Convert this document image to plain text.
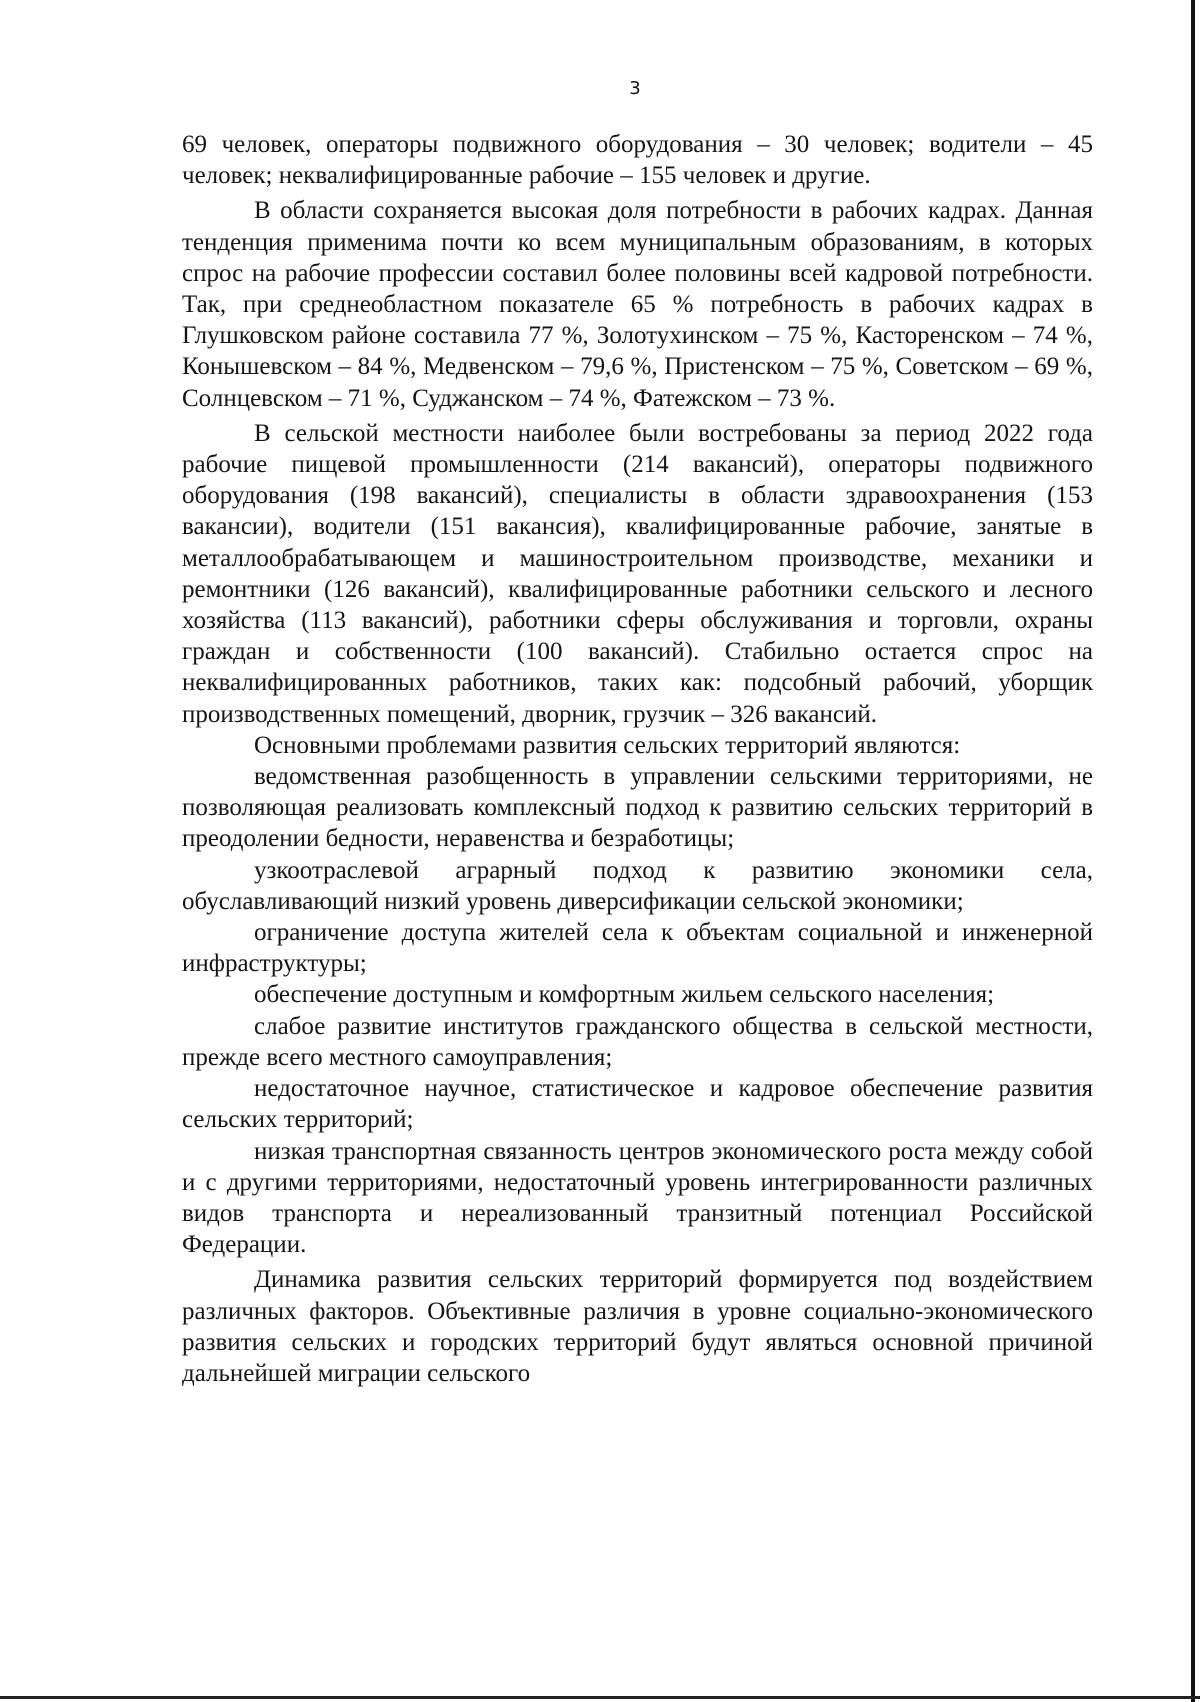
3

69 человек, операторы подвижного оборудования – 30 человек; водители – 45 человек; неквалифицированные рабочие – 155 человек и другие.

В области сохраняется высокая доля потребности в рабочих кадрах. Данная тенденция применима почти ко всем муниципальным образованиям, в которых спрос на рабочие профессии составил более половины всей кадровой потребности. Так, при среднеобластном показателе 65 % потребность в рабочих кадрах в Глушковском районе составила 77 %, Золотухинском – 75 %, Касторенском – 74 %, Конышевском – 84 %, Медвенском – 79,6 %, Пристенском – 75 %, Советском – 69 %, Солнцевском – 71 %, Суджанском – 74 %, Фатежском – 73 %.

В сельской местности наиболее были востребованы за период 2022 года рабочие пищевой промышленности (214 вакансий), операторы подвижного оборудования (198 вакансий), специалисты в области здравоохранения (153 вакансии), водители (151 вакансия), квалифицированные рабочие, занятые в металлообрабатывающем и машиностроительном производстве, механики и ремонтники (126 вакансий), квалифицированные работники сельского и лесного хозяйства (113 вакансий), работники сферы обслуживания и торговли, охраны граждан и собственности (100 вакансий). Стабильно остается спрос на неквалифицированных работников, таких как: подсобный рабочий, уборщик производственных помещений, дворник, грузчик – 326 вакансий.

Основными проблемами развития сельских территорий являются:

ведомственная разобщенность в управлении сельскими территориями, не позволяющая реализовать комплексный подход к развитию сельских территорий в преодолении бедности, неравенства и безработицы;

узкоотраслевой аграрный подход к развитию экономики села, обуславливающий низкий уровень диверсификации сельской экономики;

ограничение доступа жителей села к объектам социальной и инженерной инфраструктуры;

обеспечение доступным и комфортным жильем сельского населения;

слабое развитие институтов гражданского общества в сельской местности, прежде всего местного самоуправления;

недостаточное научное, статистическое и кадровое обеспечение развития сельских территорий;

низкая транспортная связанность центров экономического роста между собой и с другими территориями, недостаточный уровень интегрированности различных видов транспорта и нереализованный транзитный потенциал Российской Федерации.

Динамика развития сельских территорий формируется под воздействием различных факторов. Объективные различия в уровне социально-экономического развития сельских и городских территорий будут являться основной причиной дальнейшей миграции сельского
